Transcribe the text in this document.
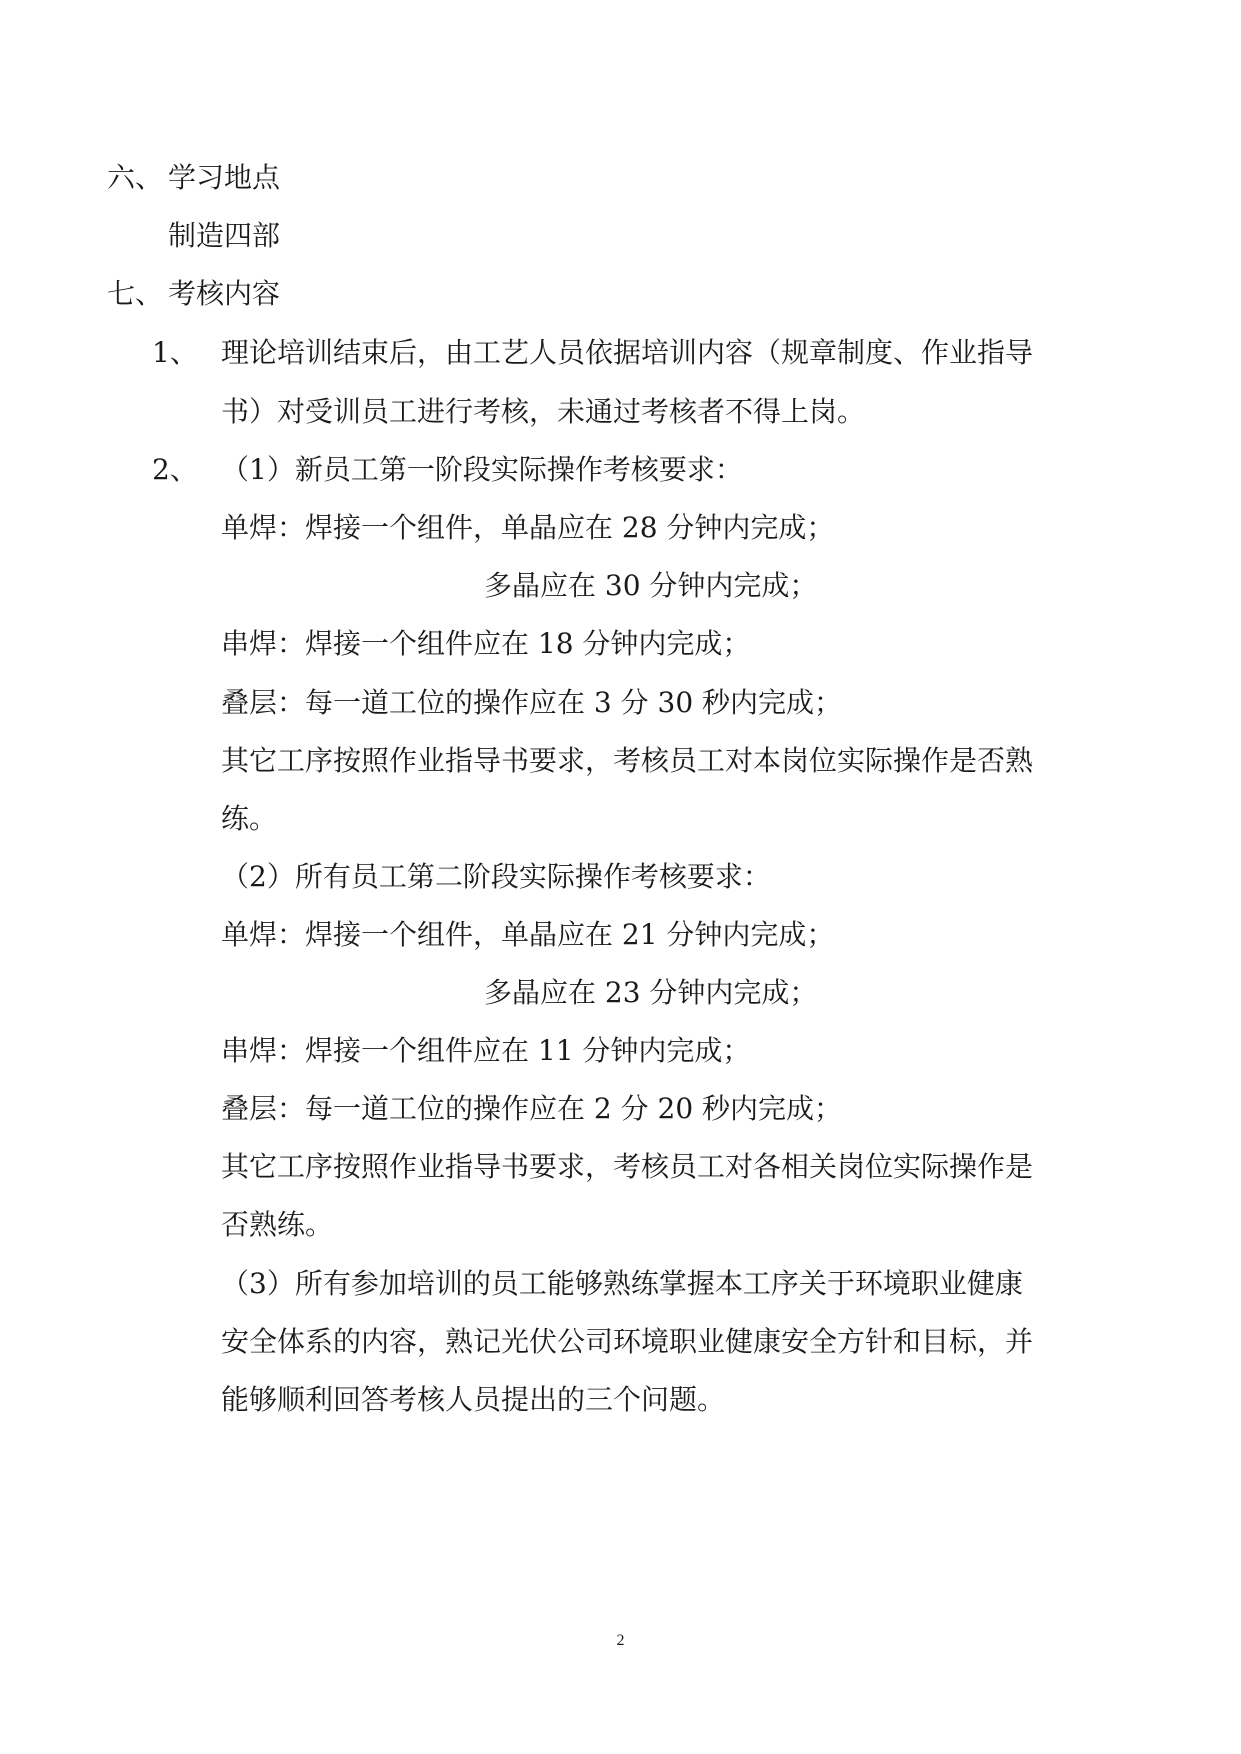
六、 学习地点
制造四部
七、 考核内容
1、 理论培训结束后，由工艺人员依据培训内容（规章制度、作业指导
书）对受训员工进行考核，未通过考核者不得上岗。
2、 （1）新员工第一阶段实际操作考核要求：
单焊：焊接一个组件，单晶应在 28 分钟内完成；
多晶应在 30 分钟内完成；
串焊：焊接一个组件应在 18 分钟内完成；
叠层：每一道工位的操作应在 3 分 30 秒内完成；
其它工序按照作业指导书要求，考核员工对本岗位实际操作是否熟
练。
（2）所有员工第二阶段实际操作考核要求：
单焊：焊接一个组件，单晶应在 21 分钟内完成；
多晶应在 23 分钟内完成；
串焊：焊接一个组件应在 11 分钟内完成；
叠层：每一道工位的操作应在 2 分 20 秒内完成；
其它工序按照作业指导书要求，考核员工对各相关岗位实际操作是
否熟练。
（3）所有参加培训的员工能够熟练掌握本工序关于环境职业健康
安全体系的内容，熟记光伏公司环境职业健康安全方针和目标，并
能够顺利回答考核人员提出的三个问题。
2
